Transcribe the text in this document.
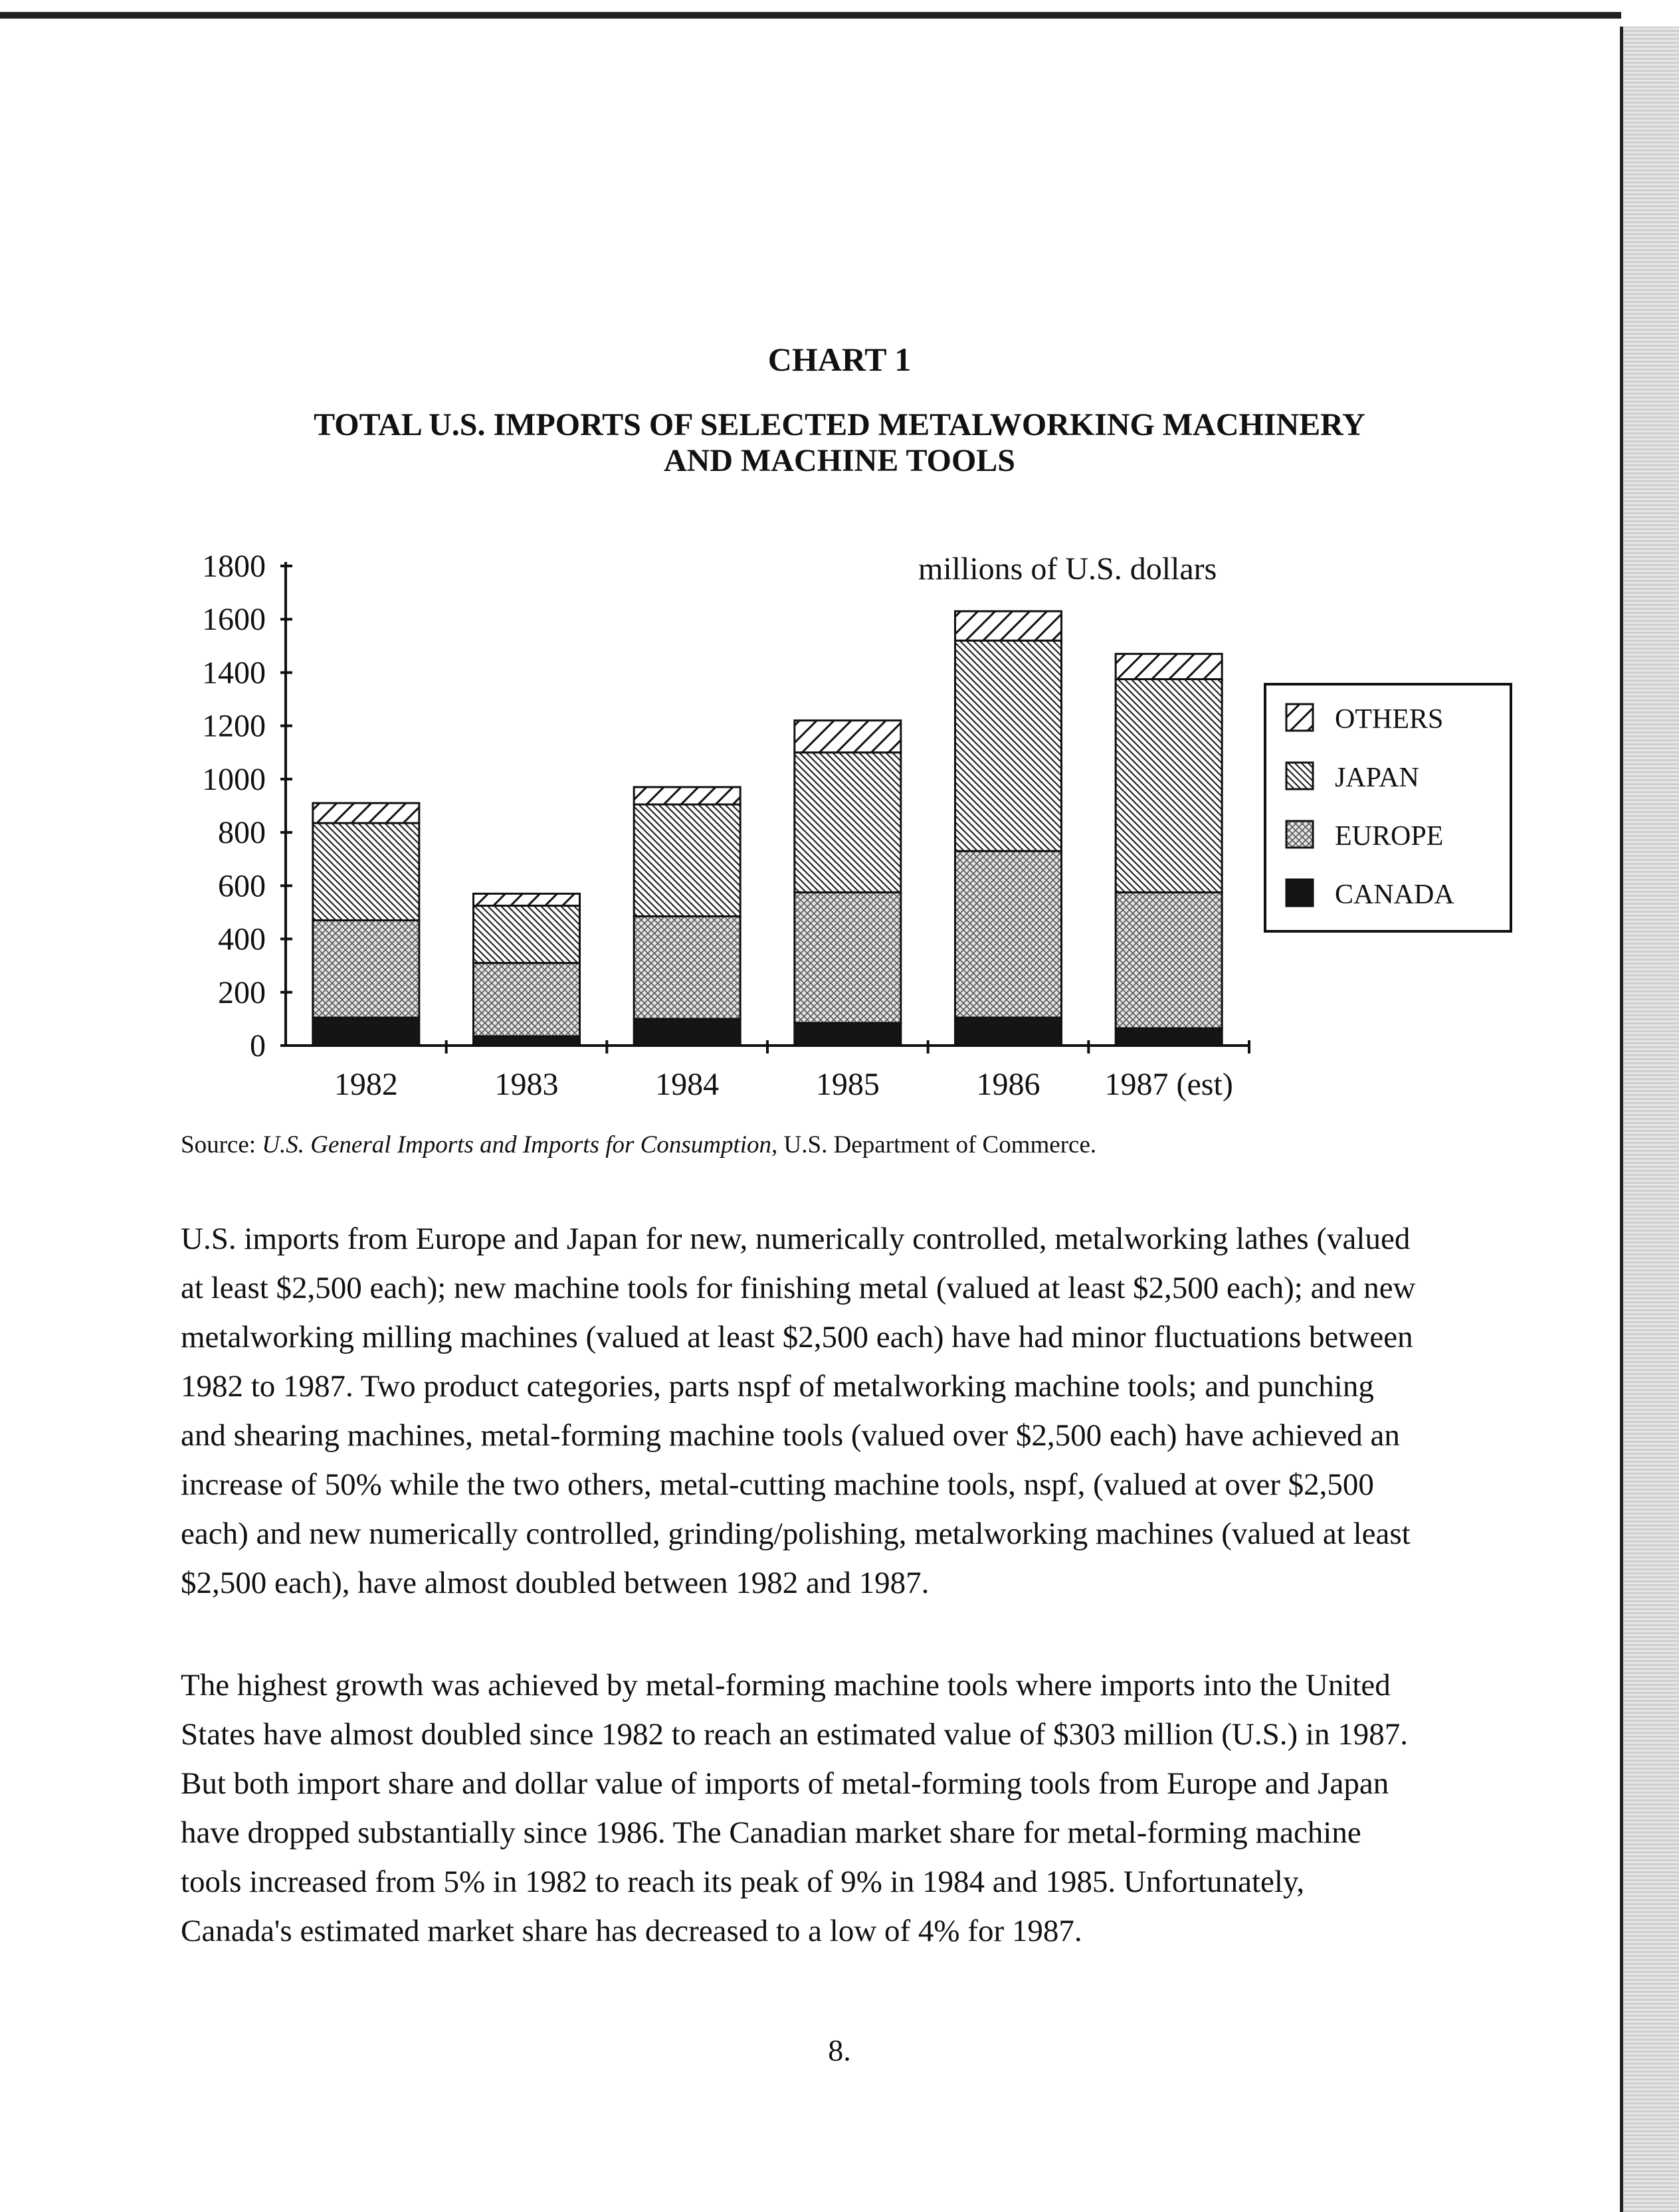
CHART 1
TOTAL U.S. IMPORTS OF SELECTED METALWORKING MACHINERY
AND MACHINE TOOLS
0
200
400
600
800
1000
1200
1400
1600
1800	millions of U.S. dollars
1982	1983	1984	1985	1986 1987 (est)
OTHERS
JAPAN
EUROPE
CANADA
Source: U.S. General Imports and Imports for Consumption, U.S. Department of Commerce.
U.S. imports from Europe and Japan for new, numerically controlled, metalworking lathes (valued
at least $2,500 each); new machine tools for finishing metal (valued at least $2,500 each); and new
metalworking milling machines (valued at least $2,500 each) have had minor fluctuations between
1982 to 1987. Two product categories, parts nspf of metalworking machine tools; and punching
and shearing machines, metal-forming machine tools (valued over $2,500 each) have achieved an
increase of 50% while the two others, metal-cutting machine tools, nspf, (valued at over $2,500
each) and new numerically controlled, grinding/polishing, metalworking machines (valued at least
$2,500 each), have almost doubled between 1982 and 1987.
The highest growth was achieved by metal-forming machine tools where imports into the United
States have almost doubled since 1982 to reach an estimated value of $303 million (U.S.) in 1987.
But both import share and dollar value of imports of metal-forming tools from Europe and Japan
have dropped substantially since 1986. The Canadian market share for metal-forming machine
tools increased from 5% in 1982 to reach its peak of 9% in 1984 and 1985. Unfortunately,
Canada's estimated market share has decreased to a low of 4% for 1987.
8.
